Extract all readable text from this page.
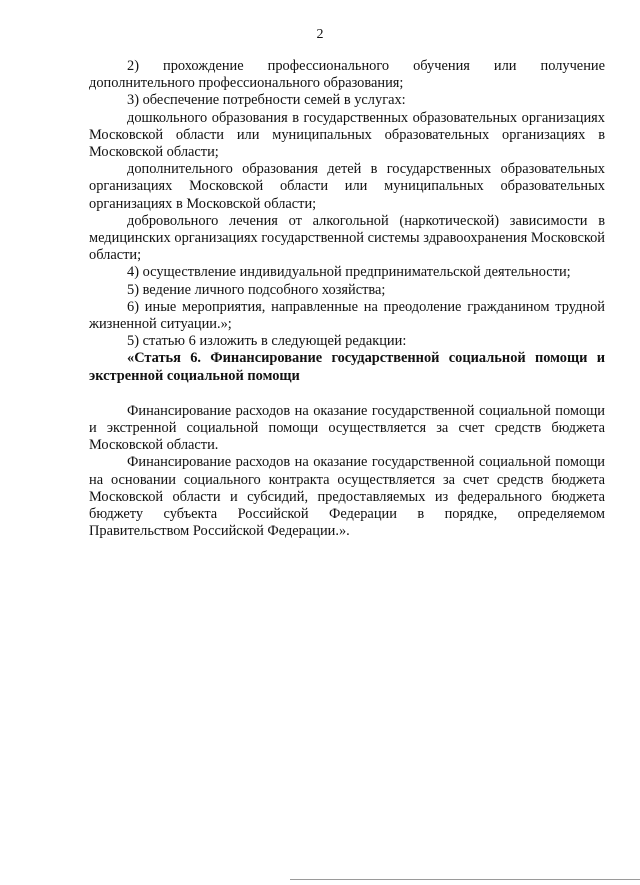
2

2) прохождение профессионального обучения или получение дополнительного профессионального образования;

3) обеспечение потребности семей в услугах:

дошкольного образования в государственных образовательных организациях Московской области или муниципальных образовательных организациях в Московской области;

дополнительного образования детей в государственных образовательных организациях Московской области или муниципальных образовательных организациях в Московской области;

добровольного лечения от алкогольной (наркотической) зависимости в медицинских организациях государственной системы здравоохранения Московской области;

4) осуществление индивидуальной предпринимательской деятельности;

5) ведение личного подсобного хозяйства;

6) иные мероприятия, направленные на преодоление гражданином трудной жизненной ситуации.»;

5) статью 6 изложить в следующей редакции:

«Статья 6. Финансирование государственной социальной помощи и экстренной социальной помощи

Финансирование расходов на оказание государственной социальной помощи и экстренной социальной помощи осуществляется за счет средств бюджета Московской области.

Финансирование расходов на оказание государственной социальной помощи на основании социального контракта осуществляется за счет средств бюджета Московской области и субсидий, предоставляемых из федерального бюджета бюджету субъекта Российской Федерации в порядке, определяемом Правительством Российской Федерации.».
